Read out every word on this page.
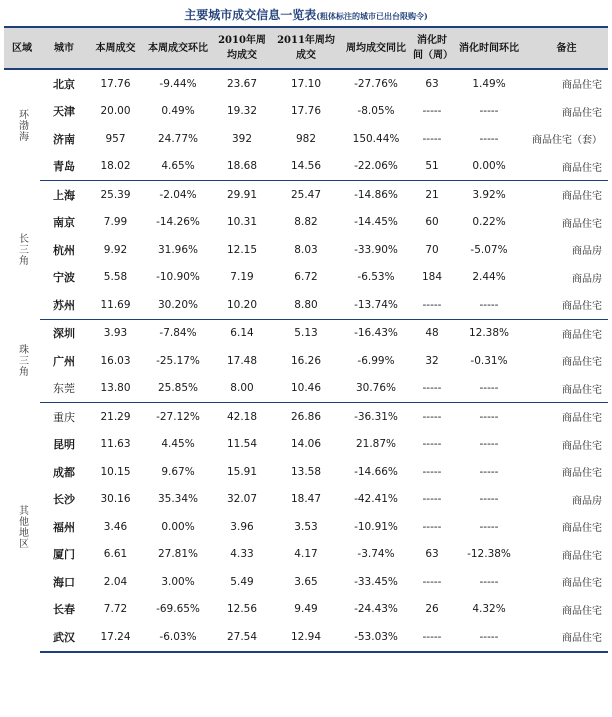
主要城市成交信息一览表(粗体标注的城市已出台限购令)
区域	城市	本周成交	本周成交环比	2010年周均成交	2011年周均成交	周均成交同比	消化时间（周）	消化时间环比	备注
环渤海	北京	17.76	-9.44%	23.67	17.10	-27.76%	63	1.49%	商品住宅
	天津	20.00	0.49%	19.32	17.76	-8.05%	-----	-----	商品住宅
	济南	957	24.77%	392	982	150.44%	-----	-----	商品住宅（套）
	青岛	18.02	4.65%	18.68	14.56	-22.06%	51	0.00%	商品住宅
长三角	上海	25.39	-2.04%	29.91	25.47	-14.86%	21	3.92%	商品住宅
	南京	7.99	-14.26%	10.31	8.82	-14.45%	60	0.22%	商品住宅
	杭州	9.92	31.96%	12.15	8.03	-33.90%	70	-5.07%	商品房
	宁波	5.58	-10.90%	7.19	6.72	-6.53%	184	2.44%	商品房
	苏州	11.69	30.20%	10.20	8.80	-13.74%	-----	-----	商品住宅
珠三角	深圳	3.93	-7.84%	6.14	5.13	-16.43%	48	12.38%	商品住宅
	广州	16.03	-25.17%	17.48	16.26	-6.99%	32	-0.31%	商品住宅
	东莞	13.80	25.85%	8.00	10.46	30.76%	-----	-----	商品住宅
其他地区	重庆	21.29	-27.12%	42.18	26.86	-36.31%	-----	-----	商品住宅
	昆明	11.63	4.45%	11.54	14.06	21.87%	-----	-----	商品住宅
	成都	10.15	9.67%	15.91	13.58	-14.66%	-----	-----	商品住宅
	长沙	30.16	35.34%	32.07	18.47	-42.41%	-----	-----	商品房
	福州	3.46	0.00%	3.96	3.53	-10.91%	-----	-----	商品住宅
	厦门	6.61	27.81%	4.33	4.17	-3.74%	63	-12.38%	商品住宅
	海口	2.04	3.00%	5.49	3.65	-33.45%	-----	-----	商品住宅
	长春	7.72	-69.65%	12.56	9.49	-24.43%	26	4.32%	商品住宅
	武汉	17.24	-6.03%	27.54	12.94	-53.03%	-----	-----	商品住宅
